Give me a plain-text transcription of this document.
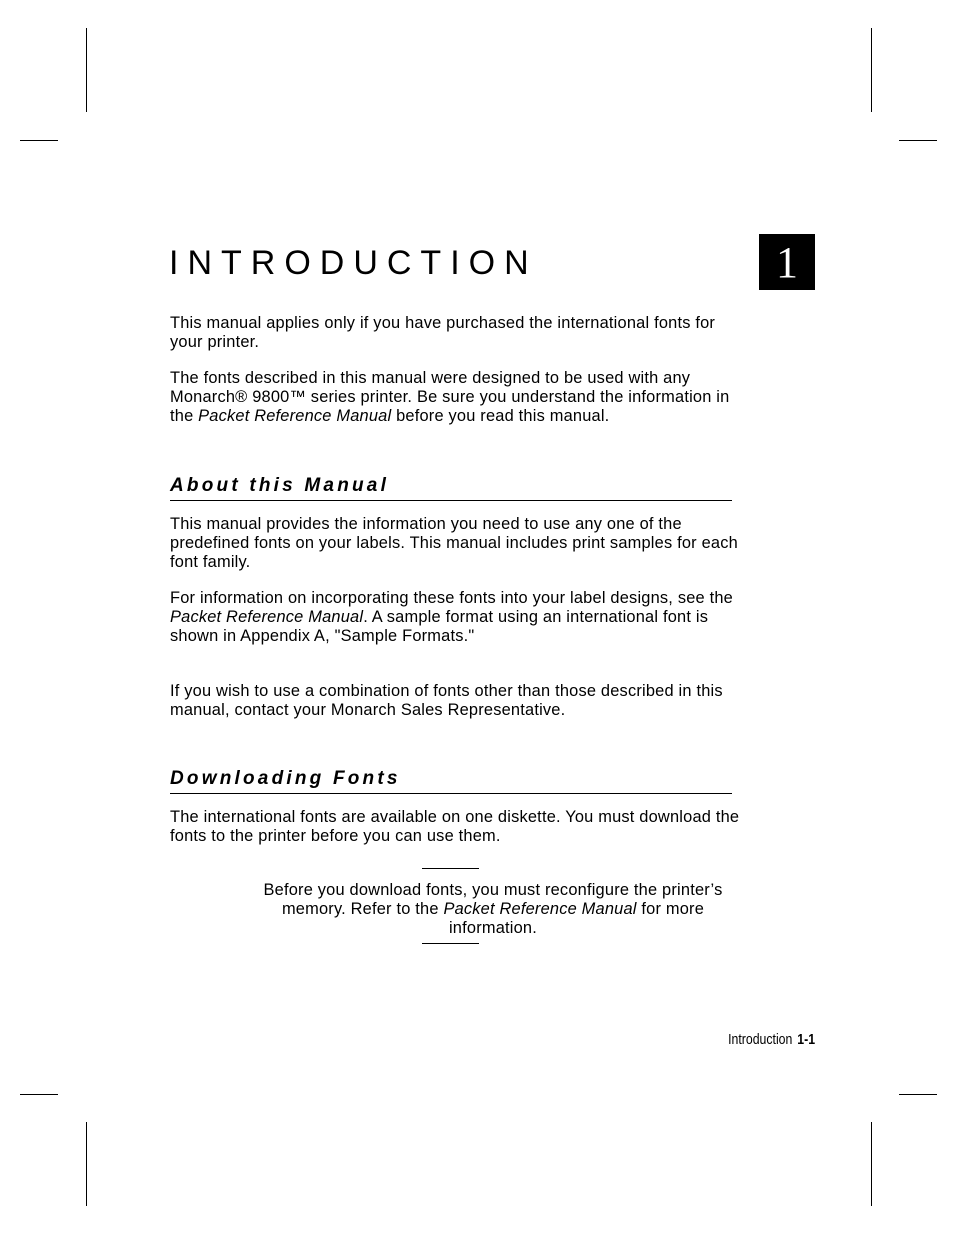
1
INTRODUCTION

This manual applies only if you have purchased the international fonts for your printer.

The fonts described in this manual were designed to be used with any Monarch® 9800™ series printer. Be sure you understand the information in the Packet Reference Manual before you read this manual.

About this Manual

This manual provides the information you need to use any one of the predefined fonts on your labels. This manual includes print samples for each font family.

For information on incorporating these fonts into your label designs, see the Packet Reference Manual. A sample format using an international font is shown in Appendix A, "Sample Formats."

If you wish to use a combination of fonts other than those described in this manual, contact your Monarch Sales Representative.

Downloading Fonts

The international fonts are available on one diskette. You must download the fonts to the printer before you can use them.

Before you download fonts, you must reconfigure the printer’s memory. Refer to the Packet Reference Manual for more information.

Introduction 1-1
